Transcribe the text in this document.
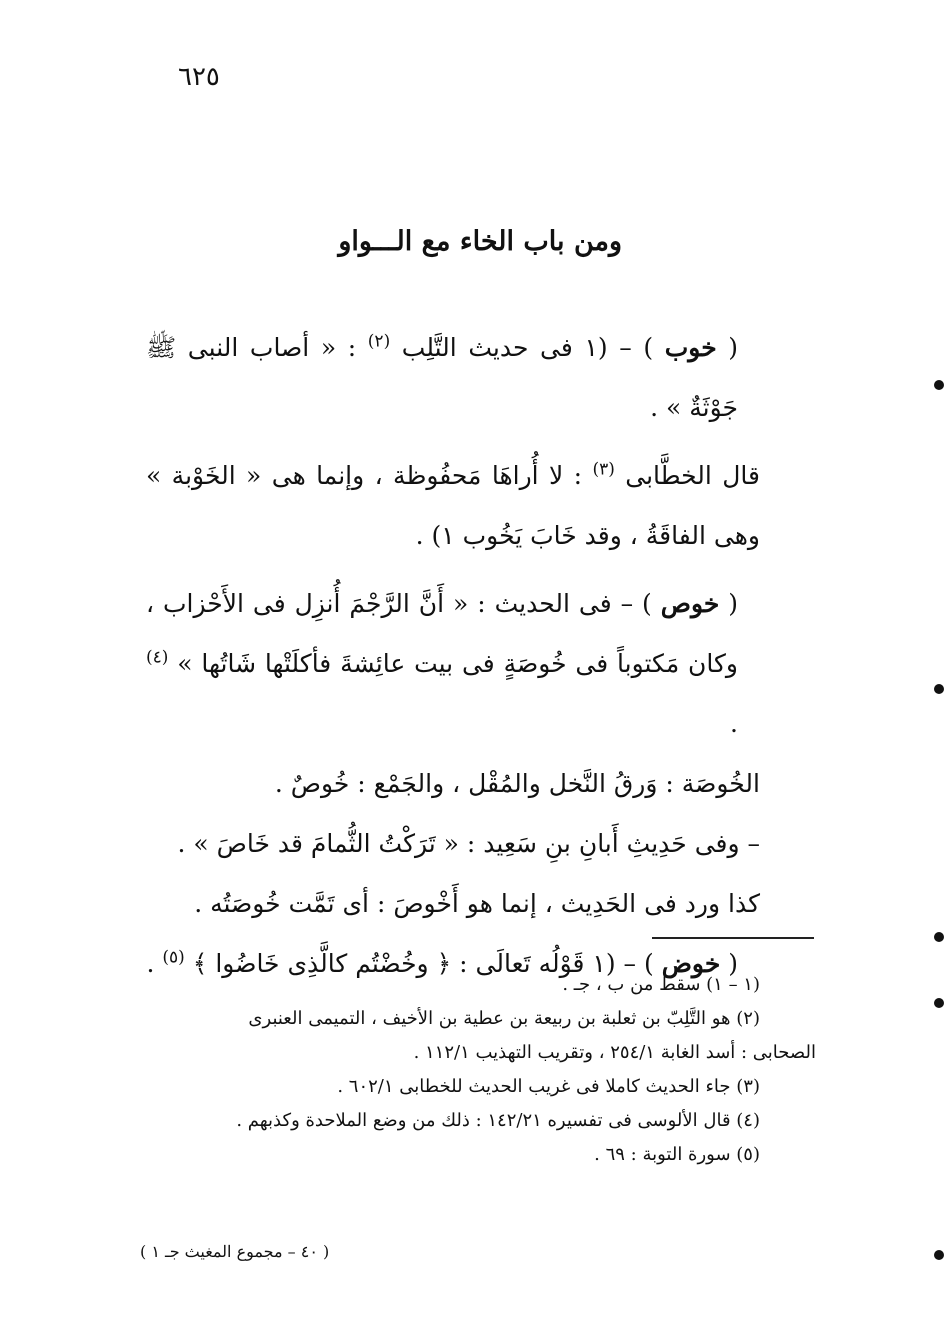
٦٢٥
ومن باب الخاء مع الـــواو

( خوب ) – (١ فى حديث التَّلِب $^{(٢)}$ : « أصاب النبى ﷺ جَوْثَةٌ » .

قال الخطَّابى $^{(٣)}$ : لا أُراهَا مَحفُوظة ، وإنما هى « الخَوْبة » وهى الفاقَةُ ، وقد خَابَ يَخُوب ١) .

( خوص ) – فى الحديث : « أَنَّ الرَّجْمَ أُنزِل فى الأَحْزاب ، وكان مَكتوباً فى خُوصَةٍ فى بيت عائِشةَ فأكلَتْها شَاتُها » $^{(٤)}$ .

الخُوصَة : وَرقُ النَّخل والمُقْل ، والجَمْع : خُوصٌ .

– وفى حَدِيثِ أَبانِ بنِ سَعِيد : « تَرَكْتُ الثُّمامَ قد خَاصَ » .

كذا ورد فى الحَدِيث ، إنما هو أَخْوصَ : أى تَمَّت خُوصَتُه .

( خوض ) – (١ قَوْلُه تَعالَى : ﴿ وخُضْتُم كالَّذِى خَاضُوا ﴾ $^{(٥)}$ .

(١ – ١) سقط من ب ، جـ .

(٢) هو التَّلِبّ بن ثعلبة بن ربيعة بن عطية بن الأخيف ، التميمى العنبرى

الصحابى : أسد الغابة ٢٥٤/١ ، وتقريب التهذيب ١١٢/١ .

(٣) جاء الحديث كاملا فى غريب الحديث للخطابى ٦٠٢/١ .

(٤) قال الألوسى فى تفسيره ١٤٢/٢١ : ذلك من وضع الملاحدة وكذبهم .

(٥) سورة التوبة : ٦٩ .

( ٤٠ – مجموع المغيث جـ ١ )
